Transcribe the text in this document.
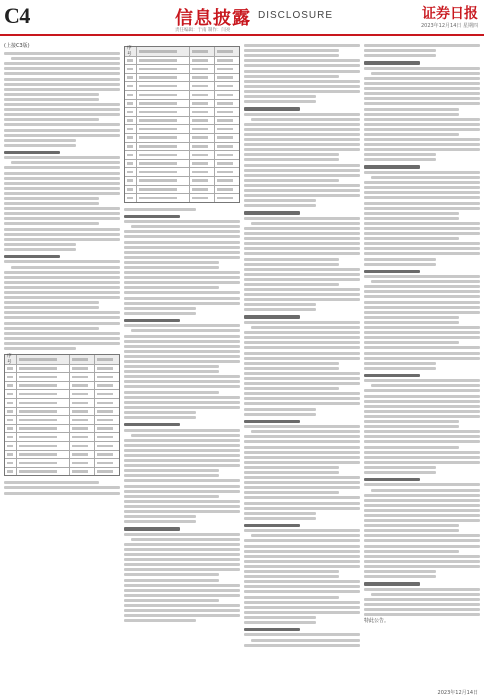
C4	信息披露 DISCLOSURE
责任编辑：于南 制作：闫亮
证券日报
2023年12月14日 星期四
(上接C3版)
序号
序号
特此公告。
2023年12月14日
